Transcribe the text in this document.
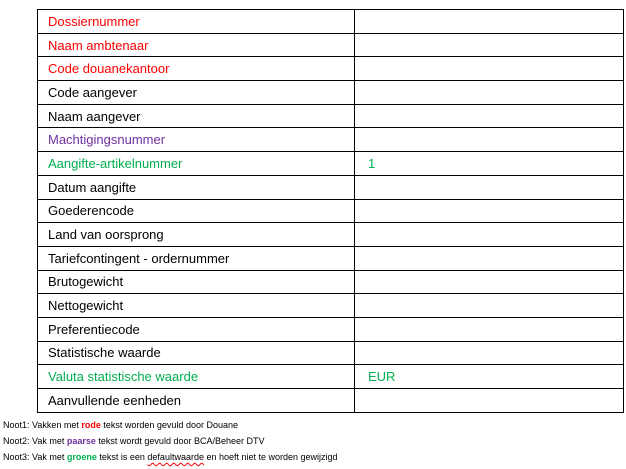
Dossiernummer	
Naam ambtenaar	
Code douanekantoor	
Code aangever	
Naam aangever	
Machtigingsnummer	
Aangifte-artikelnummer	1
Datum aangifte	
Goederencode	
Land van oorsprong	
Tariefcontingent - ordernummer	
Brutogewicht	
Nettogewicht	
Preferentiecode	
Statistische waarde	
Valuta statistische waarde	EUR
Aanvullende eenheden	
Noot1: Vakken met rode tekst worden gevuld door Douane
Noot2: Vak met paarse tekst wordt gevuld door BCA/Beheer DTV
Noot3: Vak met groene tekst is een defaultwaarde en hoeft niet te worden gewijzigd
